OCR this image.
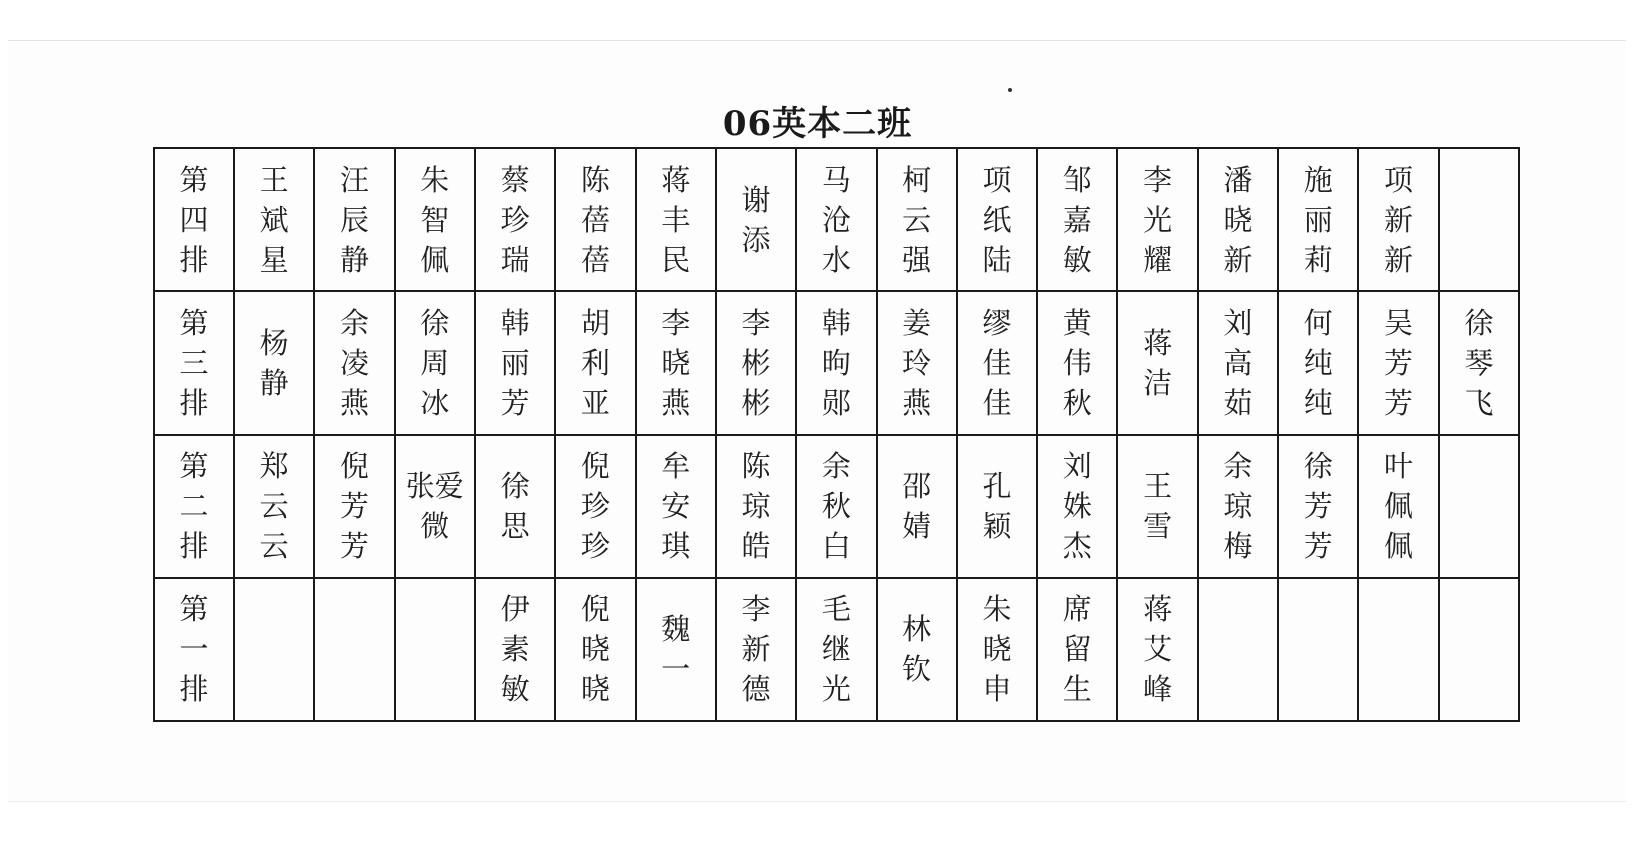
06英本二班
第四排	王斌星	汪辰静	朱智佩	蔡珍瑞	陈蓓蓓	蒋丰民	谢添	马沧水	柯云强	项纸陆	邹嘉敏	李光耀	潘晓新	施丽莉	项新新	

第三排	杨静	余凌燕	徐周冰	韩丽芳	胡利亚	李晓燕	李彬彬	韩昫郧	姜玲燕	缪佳佳	黄伟秋	蒋洁	刘高茹	何纯纯	吴芳芳	徐琴飞

第二排	郑云云	倪芳芳	张爱微	徐思	倪珍珍	牟安琪	陈琼皓	余秋白	邵婧	孔颖	刘姝杰	王雪	余琼梅	徐芳芳	叶佩佩	

第一排				伊素敏	倪晓晓	魏一	李新德	毛继光	林钦	朱晓申	席留生	蒋艾峰				
